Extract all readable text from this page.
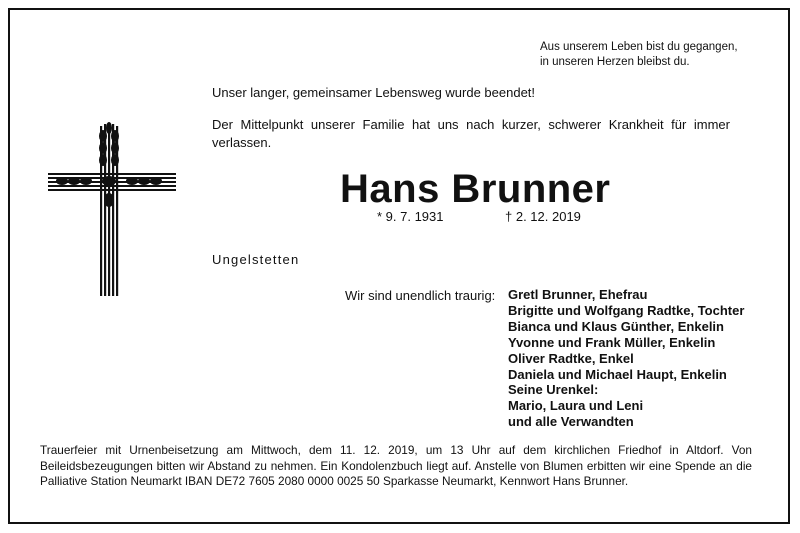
Aus unserem Leben bist du gegangen,
in unseren Herzen bleibst du.
Unser langer, gemeinsamer Lebensweg wurde beendet!
Der Mittelpunkt unserer Familie hat uns nach kurzer, schwerer Krankheit für immer verlassen.
Hans Brunner
* 9. 7. 1931	† 2. 12. 2019
Ungelstetten
Wir sind unendlich traurig: Gretl Brunner, Ehefrau
Brigitte und Wolfgang Radtke, Tochter
Bianca und Klaus Günther, Enkelin
Yvonne und Frank Müller, Enkelin
Oliver Radtke, Enkel
Daniela und Michael Haupt, Enkelin
Seine Urenkel:
Mario, Laura und Leni
und alle Verwandten
Trauerfeier mit Urnenbeisetzung am Mittwoch, dem 11. 12. 2019, um 13 Uhr auf dem kirchlichen Friedhof in Altdorf. Von Beileidsbezeugungen bitten wir Abstand zu nehmen. Ein Kondolenzbuch liegt auf. Anstelle von Blumen erbitten wir eine Spende an die Palliative Station Neumarkt IBAN DE72 7605 2080 0000 0025 50 Sparkasse Neumarkt, Kennwort Hans Brunner.
